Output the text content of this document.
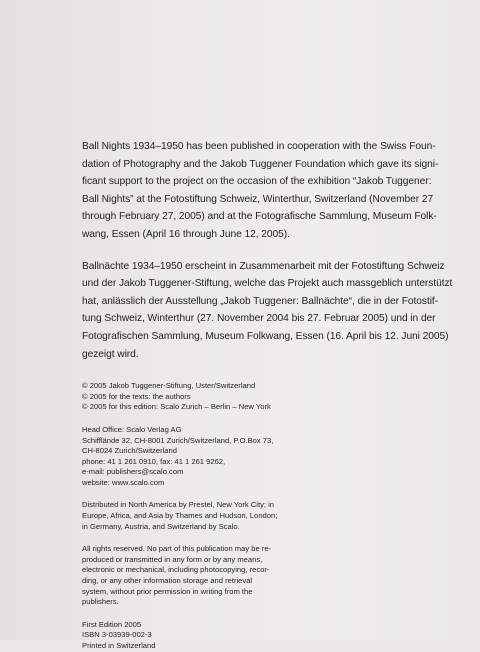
Ball Nights 1934–1950 has been published in cooperation with the Swiss Foun-
dation of Photography and the Jakob Tuggener Foundation which gave its signi-
ficant support to the project on the occasion of the exhibition “Jakob Tuggener:
Ball Nights” at the Fotostiftung Schweiz, Winterthur, Switzerland (November 27
through February 27, 2005) and at the Fotografische Sammlung, Museum Folk-
wang, Essen (April 16 through June 12, 2005).

Ballnächte 1934–1950 erscheint in Zusammenarbeit mit der Fotostiftung Schweiz
und der Jakob Tuggener-Stiftung, welche das Projekt auch massgeblich unterstützt
hat, anlässlich der Ausstellung „Jakob Tuggener: Ballnächte“, die in der Fotostif-
tung Schweiz, Winterthur (27. November 2004 bis 27. Februar 2005) und in der
Fotografischen Sammlung, Museum Folkwang, Essen (16. April bis 12. Juni 2005)
gezeigt wird.

© 2005 Jakob Tuggener-Stiftung, Uster/Switzerland
© 2005 for the texts: the authors
© 2005 for this edition: Scalo Zurich – Berlin – New York

Head Office: Scalo Verlag AG
Schifflände 32, CH-8001 Zurich/Switzerland, P.O.Box 73,
CH-8024 Zurich/Switzerland
phone: 41 1 261 0910, fax: 41 1 261 9262,
e-mail: publishers@scalo.com
website: www.scalo.com

Distributed in North America by Prestel, New York City; in
Europe, Africa, and Asia by Thames and Hudson, London;
in Germany, Austria, and Switzerland by Scalo.

All rights reserved. No part of this publication may be re-
produced or transmitted in any form or by any means,
electronic or mechanical, including photocopying, recor-
ding, or any other information storage and retrieval
system, without prior permission in writing from the
publishers.

First Edition 2005
ISBN 3-03939-002-3
Printed in Switzerland
